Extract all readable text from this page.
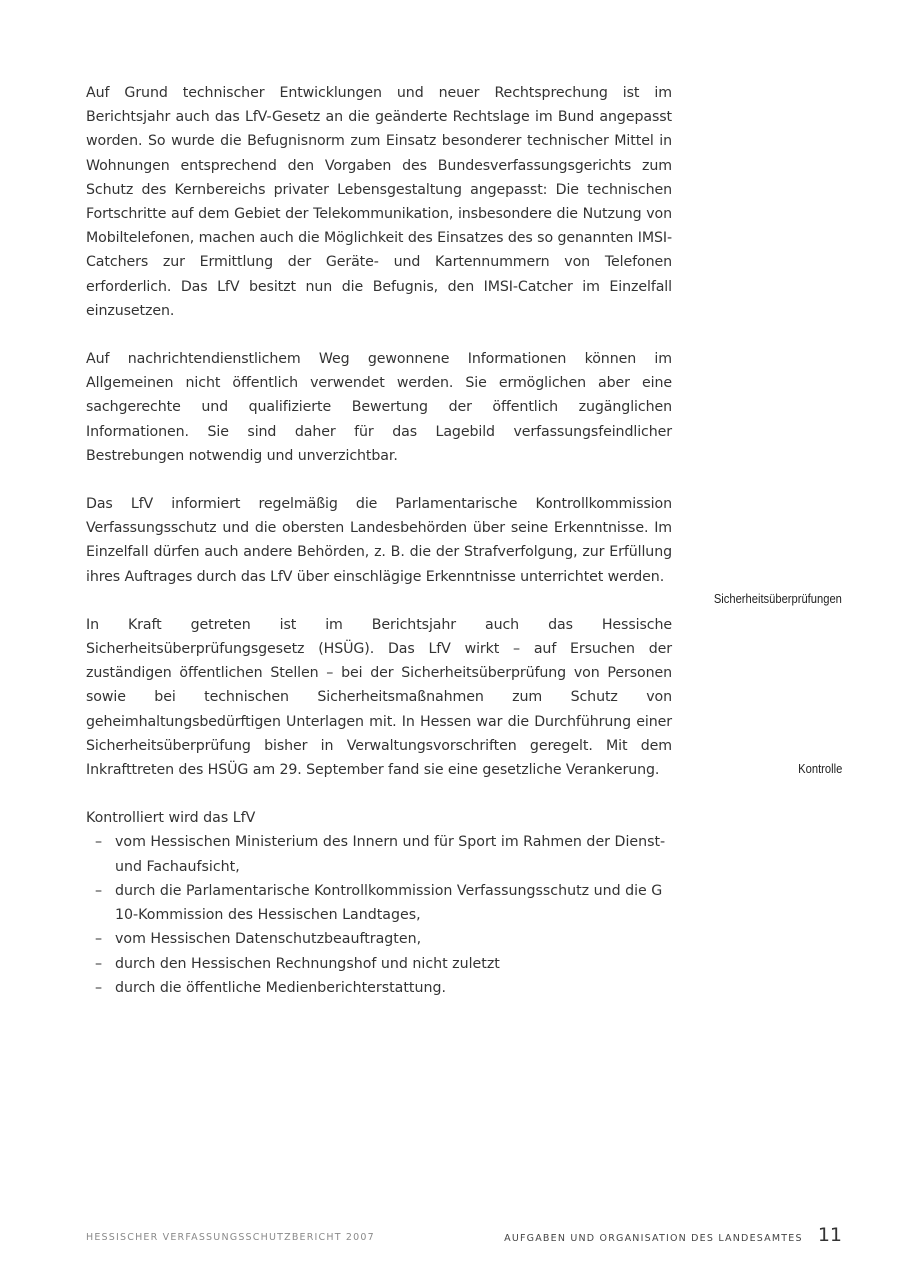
Auf Grund technischer Entwicklungen und neuer Rechtsprechung ist im Berichtsjahr auch das LfV-Gesetz an die geänderte Rechtslage im Bund angepasst worden. So wurde die Befugnisnorm zum Einsatz besonderer technischer Mittel in Wohnungen entsprechend den Vorgaben des Bundesverfassungsgerichts zum Schutz des Kernbereichs privater Lebensgestaltung angepasst: Die technischen Fortschritte auf dem Gebiet der Telekommunikation, insbesondere die Nutzung von Mobiltelefonen, machen auch die Möglichkeit des Einsatzes des so genannten IMSI-Catchers zur Ermittlung der Geräte- und Kartennummern von Telefonen erforderlich. Das LfV besitzt nun die Befugnis, den IMSI-Catcher im Einzelfall einzusetzen.

Auf nachrichtendienstlichem Weg gewonnene Informationen können im Allgemeinen nicht öffentlich verwendet werden. Sie ermöglichen aber eine sachgerechte und qualifizierte Bewertung der öffentlich zugänglichen Informationen. Sie sind daher für das Lagebild verfassungsfeindlicher Bestrebungen notwendig und unverzichtbar.

Das LfV informiert regelmäßig die Parlamentarische Kontrollkommission Verfassungsschutz und die obersten Landesbehörden über seine Erkenntnisse. Im Einzelfall dürfen auch andere Behörden, z. B. die der Strafverfolgung, zur Erfüllung ihres Auftrages durch das LfV über einschlägige Erkenntnisse unterrichtet werden.

In Kraft getreten ist im Berichtsjahr auch das Hessische Sicherheitsüberprüfungsgesetz (HSÜG). Das LfV wirkt – auf Ersuchen der zuständigen öffentlichen Stellen – bei der Sicherheitsüberprüfung von Personen sowie bei technischen Sicherheitsmaßnahmen zum Schutz von geheimhaltungsbedürftigen Unterlagen mit. In Hessen war die Durchführung einer Sicherheitsüberprüfung bisher in Verwaltungsvorschriften geregelt. Mit dem Inkrafttreten des HSÜG am 29. September fand sie eine gesetzliche Verankerung.

Kontrolliert wird das LfV

– vom Hessischen Ministerium des Innern und für Sport im Rahmen der Dienst- und Fachaufsicht,
– durch die Parlamentarische Kontrollkommission Verfassungsschutz und die G 10-Kommission des Hessischen Landtages,
– vom Hessischen Datenschutzbeauftragten,
– durch den Hessischen Rechnungshof und nicht zuletzt
– durch die öffentliche Medienberichterstattung.
Sicherheitsüberprüfungen
Kontrolle
HESSISCHER VERFASSUNGSSCHUTZBERICHT 2007	AUFGABEN UND ORGANISATION DES LANDESAMTES 11
